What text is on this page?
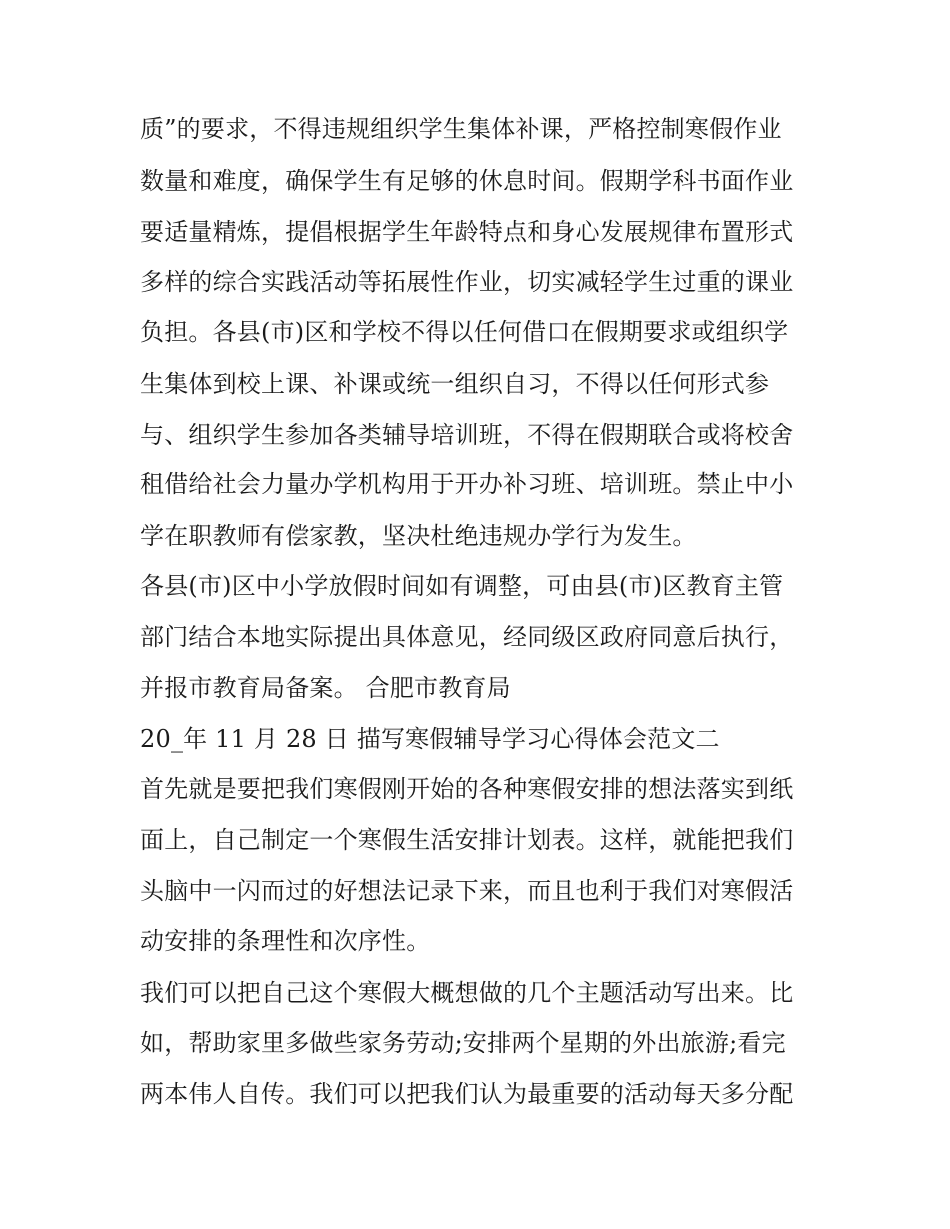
质”的要求，不得违规组织学生集体补课，严格控制寒假作业
数量和难度，确保学生有足够的休息时间。假期学科书面作业
要适量精炼，提倡根据学生年龄特点和身心发展规律布置形式
多样的综合实践活动等拓展性作业，切实减轻学生过重的课业
负担。各县(市)区和学校不得以任何借口在假期要求或组织学
生集体到校上课、补课或统一组织自习，不得以任何形式参
与、组织学生参加各类辅导培训班，不得在假期联合或将校舍
租借给社会力量办学机构用于开办补习班、培训班。禁止中小
学在职教师有偿家教，坚决杜绝违规办学行为发生。
各县(市)区中小学放假时间如有调整，可由县(市)区教育主管
部门结合本地实际提出具体意见，经同级区政府同意后执行，
并报市教育局备案。 合肥市教育局
20_年 11 月 28 日 描写寒假辅导学习心得体会范文二
首先就是要把我们寒假刚开始的各种寒假安排的想法落实到纸
面上，自己制定一个寒假生活安排计划表。这样，就能把我们
头脑中一闪而过的好想法记录下来，而且也利于我们对寒假活
动安排的条理性和次序性。
我们可以把自己这个寒假大概想做的几个主题活动写出来。比
如，帮助家里多做些家务劳动;安排两个星期的外出旅游;看完
两本伟人自传。我们可以把我们认为最重要的活动每天多分配
